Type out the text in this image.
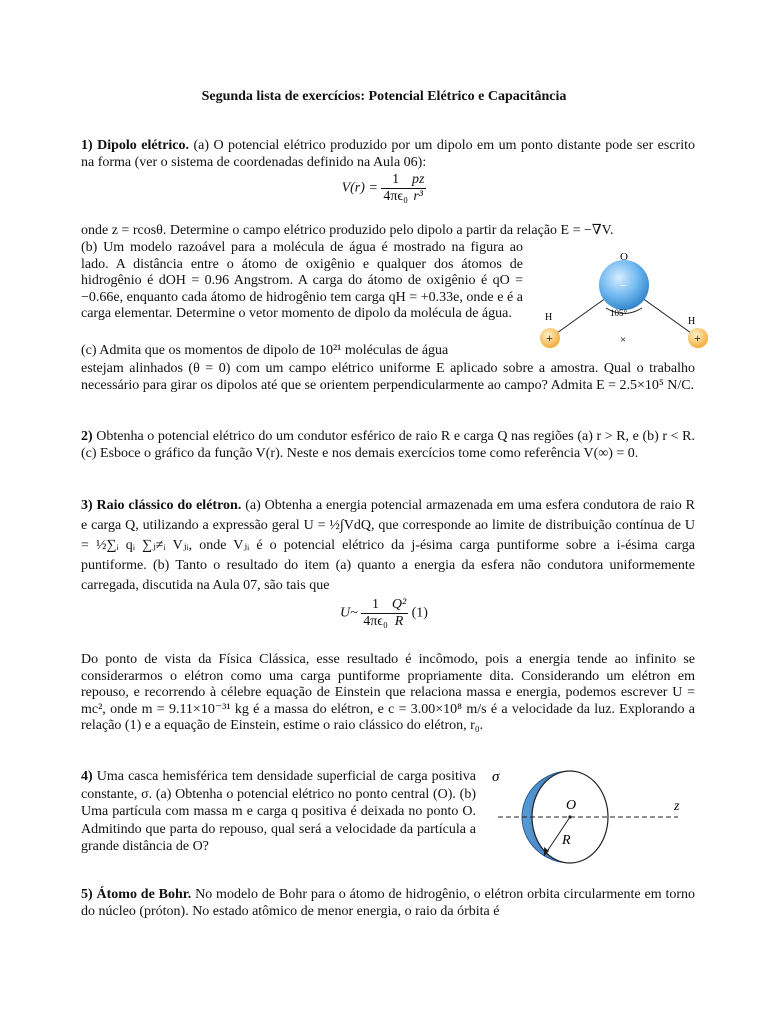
Segunda lista de exercícios: Potencial Elétrico e Capacitância
1) Dipolo elétrico. (a) O potencial elétrico produzido por um dipolo em um ponto distante pode ser escrito na forma (ver o sistema de coordenadas definido na Aula 06):
$V(r) = \frac{1}{\text{4πϵ₀}} \frac{pz}{\text{r³}}$
onde z = rcosθ. Determine o campo elétrico produzido pelo dipolo a partir da relação E = −∇V.
(b) Um modelo razoável para a molécula de água é mostrado na figura ao lado. A distância entre o átomo de oxigênio e qualquer dos átomos de hidrogênio é dOH = 0.96 Angstrom. A carga do átomo de oxigênio é qO = −0.66e, enquanto cada átomo de hidrogênio tem carga qH = +0.33e, onde e é a carga elementar. Determine o vetor momento de dipolo da molécula de água.
(c) Admita que os momentos de dipolo de 10²¹ moléculas de água
estejam alinhados (θ = 0) com um campo elétrico uniforme E aplicado sobre a amostra. Qual o trabalho necessário para girar os dipolos até que se orientem perpendicularmente ao campo? Admita E = 2.5×10⁵ N/C.
O
−
+	+
H	H
105°
×
2) Obtenha o potencial elétrico do um condutor esférico de raio R e carga Q nas regiões (a) r > R, e (b) r < R. (c) Esboce o gráfico da função V(r). Neste e nos demais exercícios tome como referência V(∞) = 0.
3) Raio clássico do elétron. (a) Obtenha a energia potencial armazenada em uma esfera condutora de raio R e carga Q, utilizando a expressão geral U = ½∫VdQ, que corresponde ao limite de distribuição contínua de U = ½∑ᵢ qᵢ ∑ⱼ≠ᵢ Vⱼᵢ, onde Vⱼᵢ é o potencial elétrico da j-ésima carga puntiforme sobre a i-ésima carga puntiforme. (b) Tanto o resultado do item (a) quanto a energia da esfera não condutora uniformemente carregada, discutida na Aula 07, são tais que
U~ $\frac{1}{\text{4πϵ₀}} \frac{\text{Q²}}{R} (1)$
Do ponto de vista da Física Clássica, esse resultado é incômodo, pois a energia tende ao infinito se considerarmos o elétron como uma carga puntiforme propriamente dita. Considerando um elétron em repouso, e recorrendo à célebre equação de Einstein que relaciona massa e energia, podemos escrever U = mc², onde m = 9.11×10⁻³¹ kg é a massa do elétron, e c = 3.00×10⁸ m/s é a velocidade da luz. Explorando a relação (1) e a equação de Einstein, estime o raio clássico do elétron, r₀.
4) Uma casca hemisférica tem densidade superficial de carga positiva constante, σ. (a) Obtenha o potencial elétrico no ponto central (O). (b) Uma partícula com massa m e carga q positiva é deixada no ponto O. Admitindo que parta do repouso, qual será a velocidade da partícula a grande distância de O?
σ
O	z
R
5) Átomo de Bohr. No modelo de Bohr para o átomo de hidrogênio, o elétron orbita circularmente em torno do núcleo (próton). No estado atômico de menor energia, o raio da órbita é
